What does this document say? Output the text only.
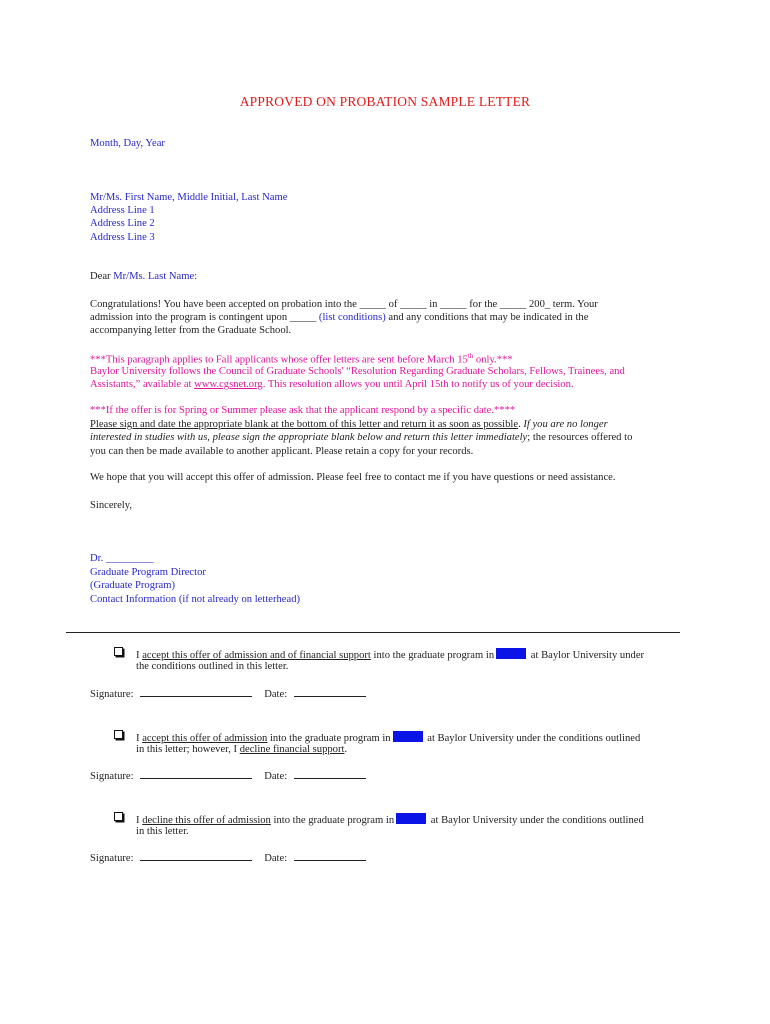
APPROVED ON PROBATION SAMPLE LETTER
Month, Day, Year
Mr/Ms. First Name, Middle Initial, Last Name
Address Line 1
Address Line 2
Address Line 3
Dear Mr/Ms. Last Name:
Congratulations! You have been accepted on probation into the _____ of _____ in _____ for the _____ 200_ term. Your
admission into the program is contingent upon _____ (list conditions) and any conditions that may be indicated in the
accompanying letter from the Graduate School.
***This paragraph applies to Fall applicants whose offer letters are sent before March 15th only.***
Baylor University follows the Council of Graduate Schools' “Resolution Regarding Graduate Scholars, Fellows, Trainees, and
Assistants,” available at www.cgsnet.org. This resolution allows you until April 15th to notify us of your decision.
***If the offer is for Spring or Summer please ask that the applicant respond by a specific date.****
Please sign and date the appropriate blank at the bottom of this letter and return it as soon as possible. If you are no longer
interested in studies with us, please sign the appropriate blank below and return this letter immediately; the resources offered to
you can then be made available to another applicant. Please retain a copy for your records.
We hope that you will accept this offer of admission. Please feel free to contact me if you have questions or need assistance.
Sincerely,
Dr. _________
Graduate Program Director
(Graduate Program)
Contact Information (if not already on letterhead)
I accept this offer of admission and of financial support into the graduate program in	at Baylor University under
the conditions outlined in this letter.
Signature:	Date:
I accept this offer of admission into the graduate program in	at Baylor University under the conditions outlined
in this letter; however, I decline financial support.
Signature:	Date:
I decline this offer of admission into the graduate program in	at Baylor University under the conditions outlined
in this letter.
Signature:	Date:
